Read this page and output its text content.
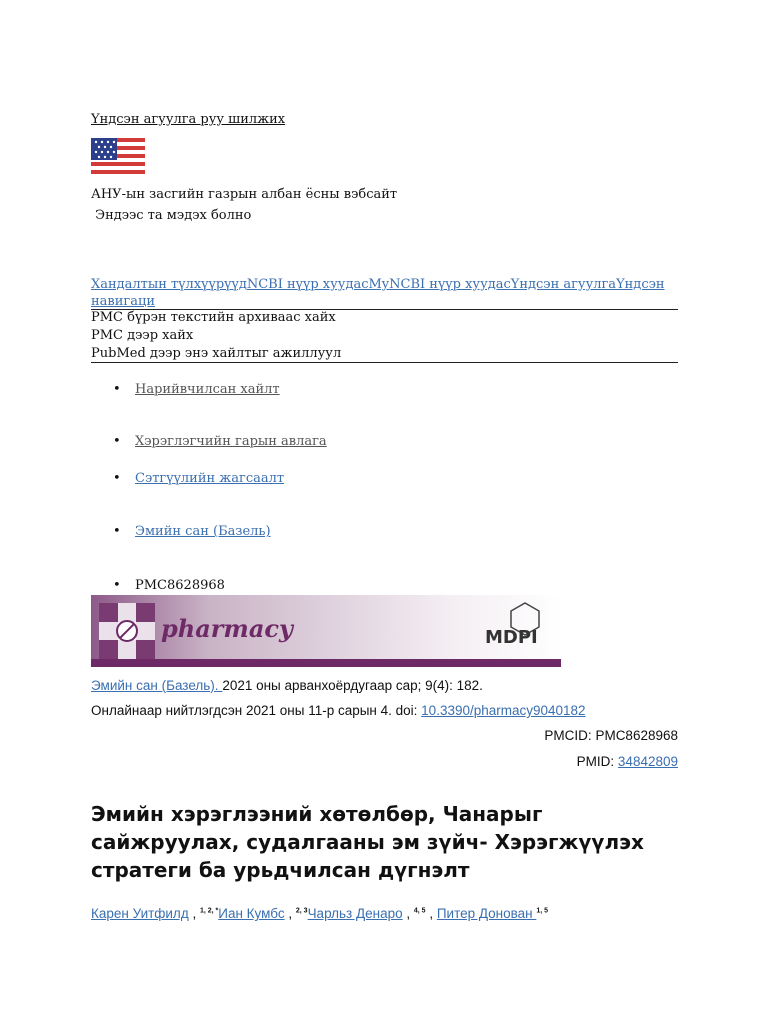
Үндсэн агуулга руу шилжих
АНУ-ын засгийн газрын албан ёсны вэбсайт
Эндээс та мэдэх болно
Хандалтын түлхүүрүүдNCBI нүүр хуудасMyNCBI нүүр хуудасҮндсэн агуулгаҮндсэн навигаци
PMC бүрэн текстийн архиваас хайх
PMC дээр хайх
PubMed дээр энэ хайлтыг ажиллуул
• Нарийвчилсан хайлт
• Хэрэглэгчийн гарын авлага
• Сэтгүүлийн жагсаалт
• Эмийн сан (Базель)
• PMC8628968
pharmacy	MDPI
Эмийн сан (Базель). 2021 оны арванхоёрдугаар сар; 9(4): 182.
Онлайнаар нийтлэгдсэн 2021 оны 11-р сарын 4. doi: 10.3390/pharmacy9040182
PMCID: PMC8628968
PMID: 34842809
Эмийн хэрэглээний хөтөлбөр, Чанарыг сайжруулах, судалгааны эм зүйч- Хэрэгжүүлэх стратеги ба урьдчилсан дүгнэлт
Карен Уитфилд , $^{1, 2, *}$Иан Кумбс , $^{2, 3}$Чарльз Денаро , $^{4, 5}$ , Питер Донован $^{1, 5}$
